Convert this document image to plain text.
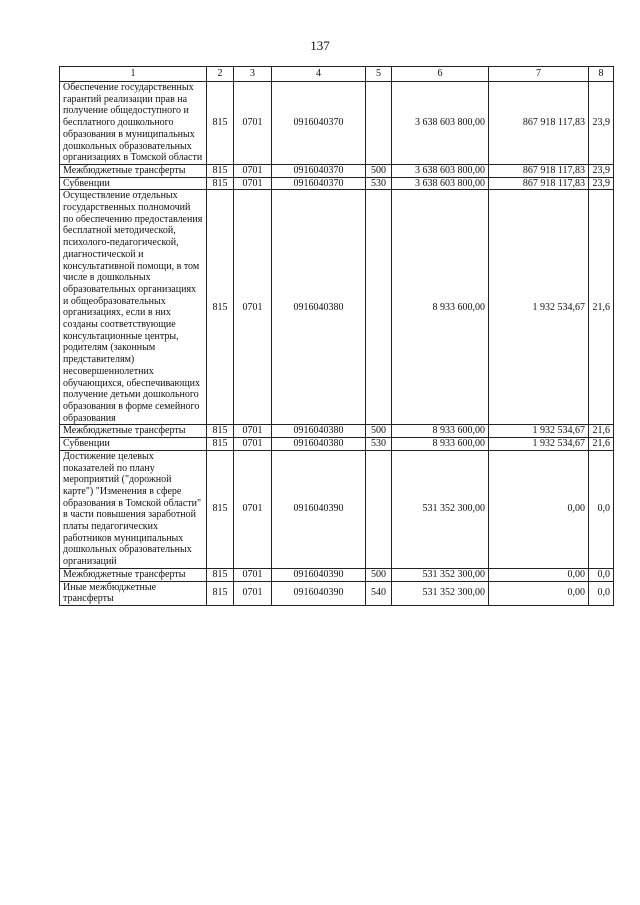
137
1	2	3	4	5	6	7	8
Обеспечение государственных гарантий реализации прав на получение общедоступного и бесплатного дошкольного образования в муниципальных дошкольных образовательных организациях в Томской области	815	0701	0916040370		3 638 603 800,00	867 918 117,83	23,9
Межбюджетные трансферты	815	0701	0916040370	500	3 638 603 800,00	867 918 117,83	23,9
Субвенции	815	0701	0916040370	530	3 638 603 800,00	867 918 117,83	23,9
Осуществление отдельных государственных полномочий по обеспечению предоставления бесплатной методической, психолого-педагогической, диагностической и консультативной помощи, в том числе в дошкольных образовательных организациях и общеобразовательных организациях, если в них созданы соответствующие консультационные центры, родителям (законным представителям) несовершеннолетних обучающихся, обеспечивающих получение детьми дошкольного образования в форме семейного образования	815	0701	0916040380		8 933 600,00	1 932 534,67	21,6
Межбюджетные трансферты	815	0701	0916040380	500	8 933 600,00	1 932 534,67	21,6
Субвенции	815	0701	0916040380	530	8 933 600,00	1 932 534,67	21,6
Достижение целевых показателей по плану мероприятий ("дорожной карте") "Изменения в сфере образования в Томской области" в части повышения заработной платы педагогических работников муниципальных дошкольных образовательных организаций	815	0701	0916040390		531 352 300,00	0,00	0,0
Межбюджетные трансферты	815	0701	0916040390	500	531 352 300,00	0,00	0,0
Иные межбюджетные трансферты	815	0701	0916040390	540	531 352 300,00	0,00	0,0
